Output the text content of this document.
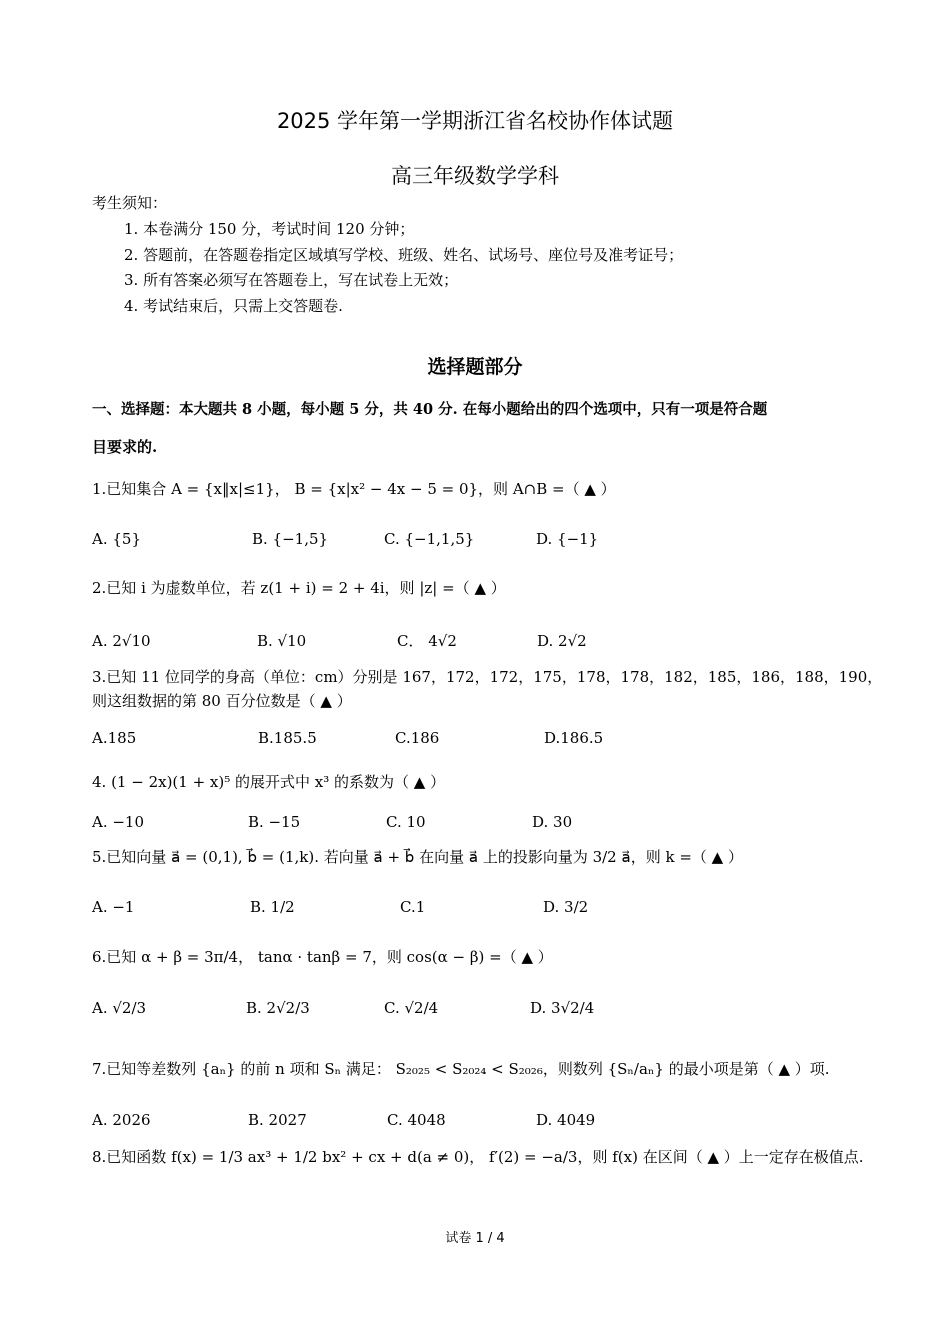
2025 学年第一学期浙江省名校协作体试题
高三年级数学学科
考生须知：
1. 本卷满分 150 分，考试时间 120 分钟；
2. 答题前，在答题卷指定区域填写学校、班级、姓名、试场号、座位号及准考证号；
3. 所有答案必须写在答题卷上，写在试卷上无效；
4. 考试结束后，只需上交答题卷.
选择题部分
一、选择题：本大题共 8 小题，每小题 5 分，共 40 分. 在每小题给出的四个选项中，只有一项是符合题
目要求的.
1.已知集合 A = {x‖x|≤1}， B = {x|x² − 4x − 5 = 0}，则 A∩B =（ ▲ ）
A. {5}	B. {−1,5}	C. {−1,1,5}	D. {−1}
2.已知 i 为虚数单位，若 z(1 + i) = 2 + 4i，则 |z| =（ ▲ ）
A. 2√10	B. √10	C． 4√2	D. 2√2
3.已知 11 位同学的身高（单位：cm）分别是 167，172，172，175，178，178，182，185，186，188，190，
则这组数据的第 80 百分位数是（ ▲ ）
A.185	B.185.5	C.186	D.186.5
4. (1 − 2x)(1 + x)⁵ 的展开式中 x³ 的系数为（ ▲ ）
A. −10	B. −15	C. 10	D. 30
5.已知向量 a⃗ = (0,1), b⃗ = (1,k). 若向量 a⃗ + b⃗ 在向量 a⃗ 上的投影向量为 3/2 a⃗，则 k =（ ▲ ）
A. −1	B. 1/2	C.1	D. 3/2
6.已知 α + β = 3π/4， tanα · tanβ = 7，则 cos(α − β) =（ ▲ ）
A. √2/3	B. 2√2/3	C. √2/4	D. 3√2/4
7.已知等差数列 {aₙ} 的前 n 项和 Sₙ 满足： S₂₀₂₅ < S₂₀₂₄ < S₂₀₂₆，则数列 {Sₙ/aₙ} 的最小项是第（ ▲ ）项.
A. 2026	B. 2027	C. 4048	D. 4049
8.已知函数 f(x) = 1/3 ax³ + 1/2 bx² + cx + d(a ≠ 0)， f′(2) = −a/3，则 f(x) 在区间（ ▲ ）上一定存在极值点.
试卷 1 / 4
